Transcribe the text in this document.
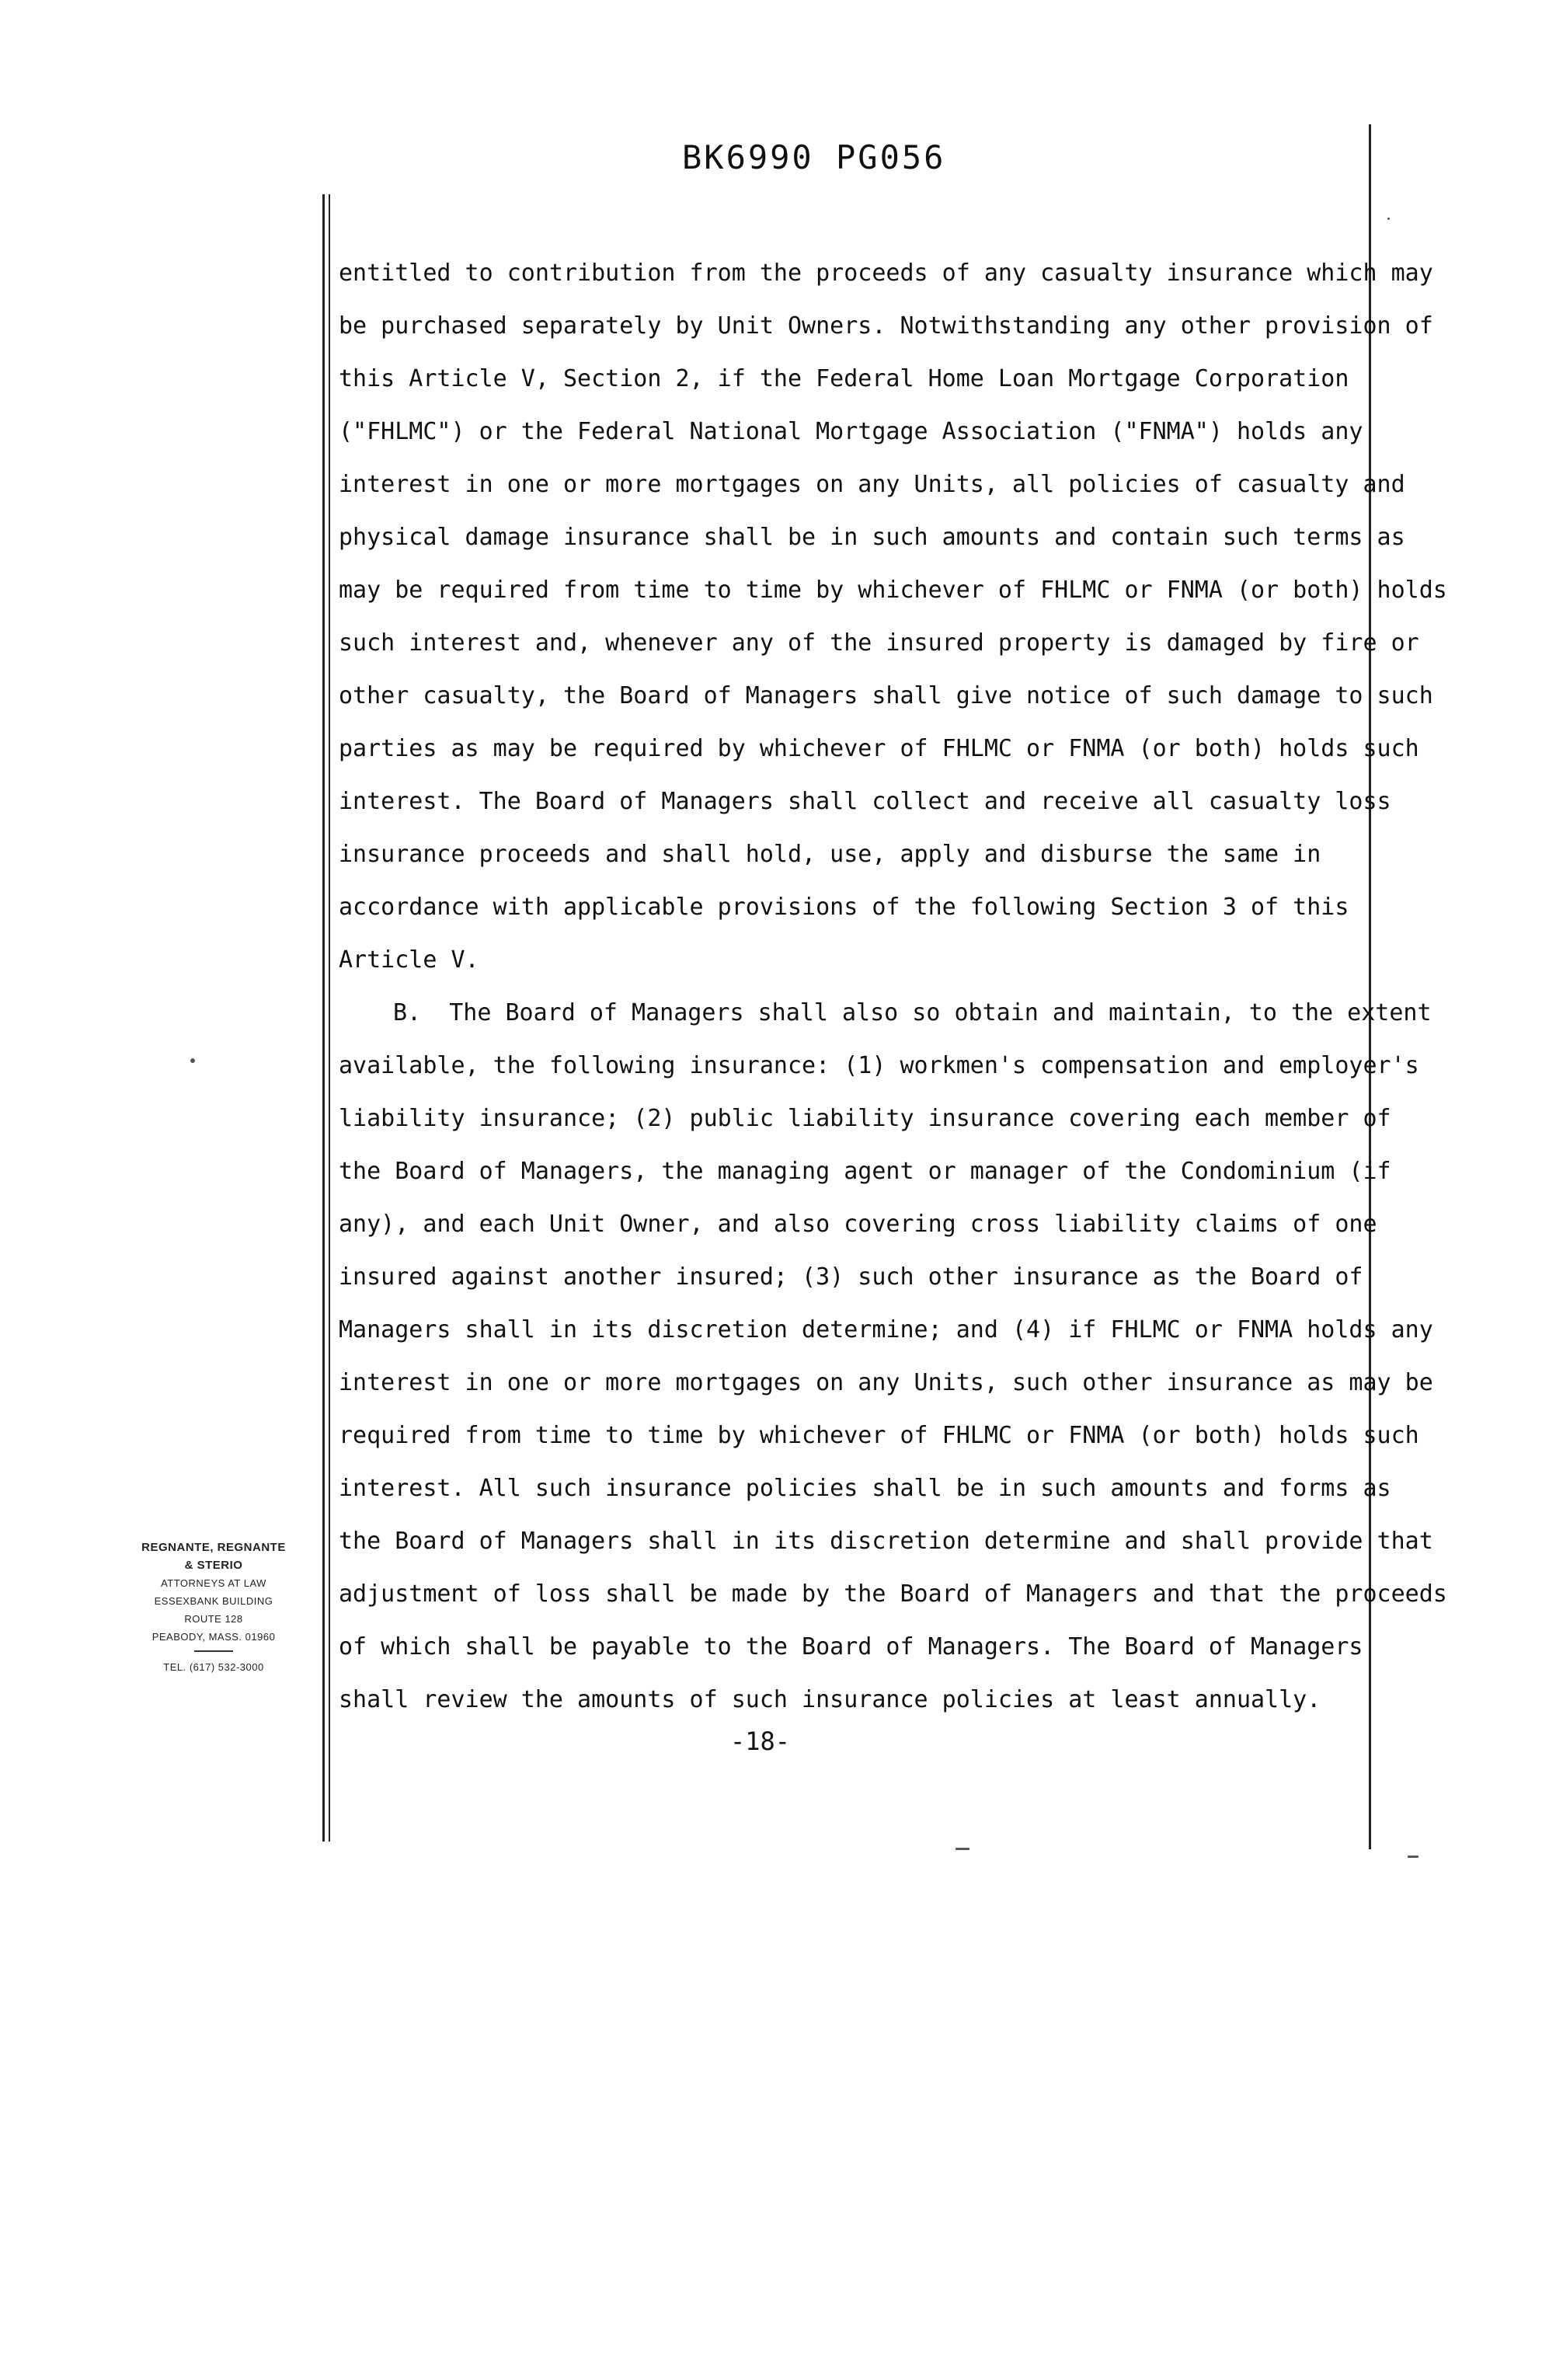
BK6990 PG056
entitled to contribution from the proceeds of any casualty insurance which may
be purchased separately by Unit Owners. Notwithstanding any other provision of
this Article V, Section 2, if the Federal Home Loan Mortgage Corporation
("FHLMC") or the Federal National Mortgage Association ("FNMA") holds any
interest in one or more mortgages on any Units, all policies of casualty and
physical damage insurance shall be in such amounts and contain such terms as
may be required from time to time by whichever of FHLMC or FNMA (or both) holds
such interest and, whenever any of the insured property is damaged by fire or
other casualty, the Board of Managers shall give notice of such damage to such
parties as may be required by whichever of FHLMC or FNMA (or both) holds such
interest. The Board of Managers shall collect and receive all casualty loss
insurance proceeds and shall hold, use, apply and disburse the same in
accordance with applicable provisions of the following Section 3 of this
Article V.
B.  The Board of Managers shall also so obtain and maintain, to the extent
available, the following insurance: (1) workmen's compensation and employer's
liability insurance; (2) public liability insurance covering each member of
the Board of Managers, the managing agent or manager of the Condominium (if
any), and each Unit Owner, and also covering cross liability claims of one
insured against another insured; (3) such other insurance as the Board of
Managers shall in its discretion determine; and (4) if FHLMC or FNMA holds any
interest in one or more mortgages on any Units, such other insurance as may be
required from time to time by whichever of FHLMC or FNMA (or both) holds such
interest. All such insurance policies shall be in such amounts and forms as
the Board of Managers shall in its discretion determine and shall provide that
adjustment of loss shall be made by the Board of Managers and that the proceeds
of which shall be payable to the Board of Managers. The Board of Managers
shall review the amounts of such insurance policies at least annually.
-18-
REGNANTE, REGNANTE
& STERIO
ATTORNEYS AT LAW
ESSEXBANK BUILDING
ROUTE 128
PEABODY, MASS. 01960
TEL. (617) 532-3000
